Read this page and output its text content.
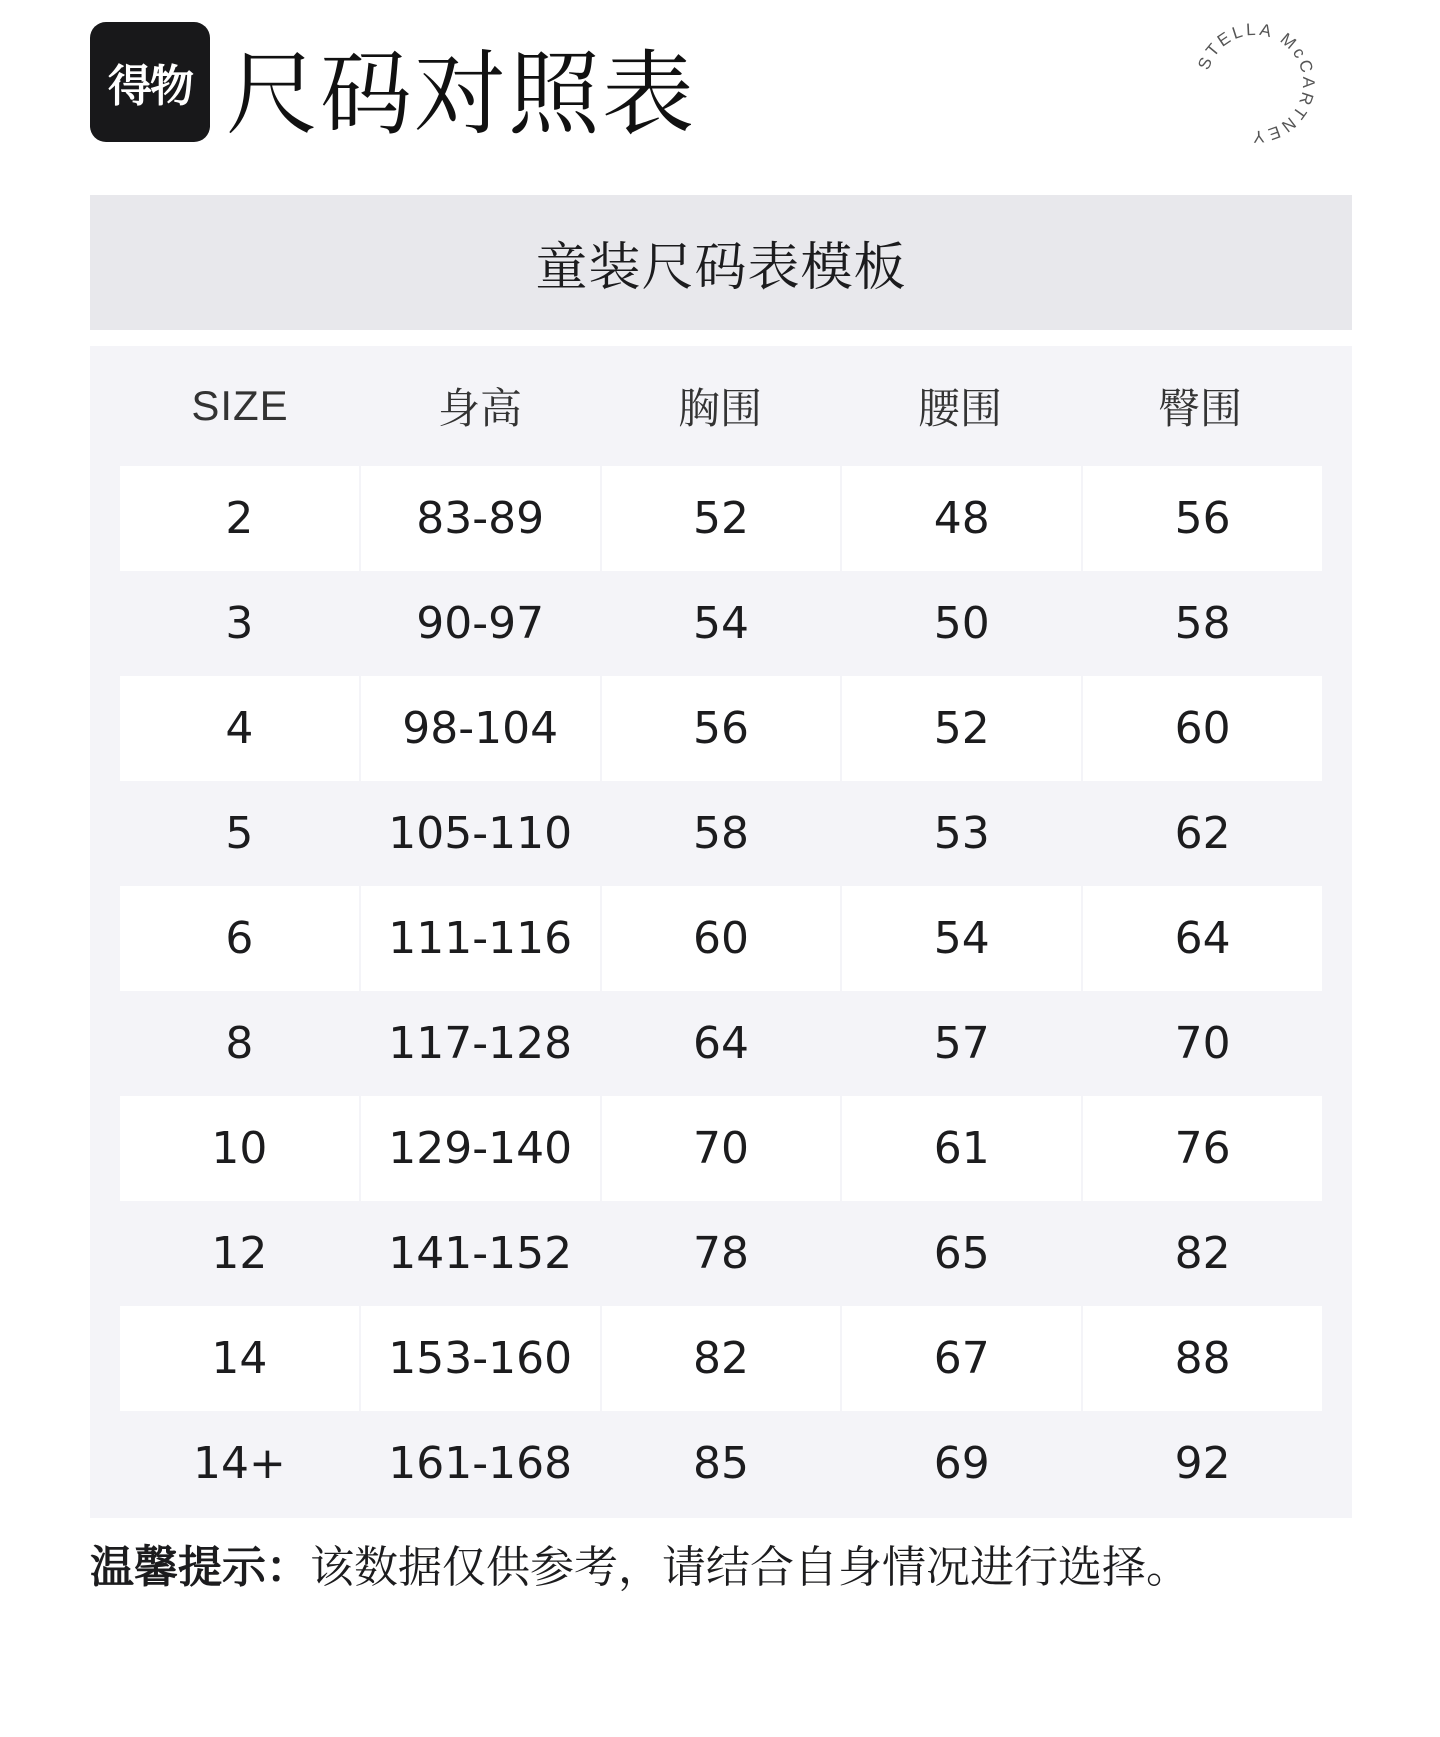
得物 尺码对照表	STELLA McCARTNEY
童装尺码表模板
SIZE	身高	胸围	腰围	臀围
2	83-89	52	48	56
3	90-97	54	50	58
4	98-104	56	52	60
5	105-110	58	53	62
6	111-116	60	54	64
8	117-128	64	57	70
10	129-140	70	61	76
12	141-152	78	65	82
14	153-160	82	67	88
14+	161-168	85	69	92
温馨提示：该数据仅供参考，请结合自身情况进行选择。
